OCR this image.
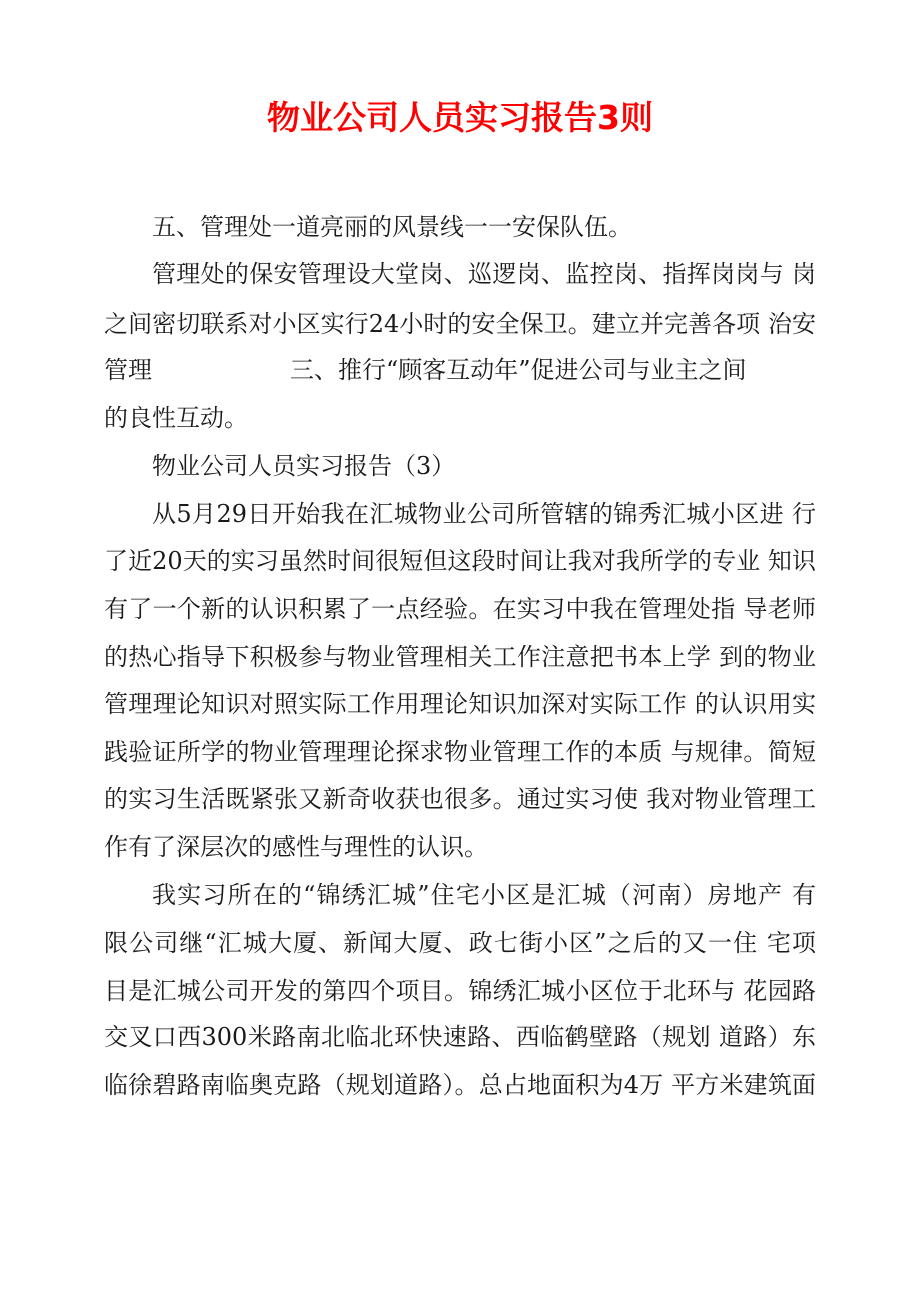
物业公司人员实习报告3则
五、管理处一道亮丽的风景线一一安保队伍。
管理处的保安管理设大堂岗、巡逻岗、监控岗、指挥岗岗与 岗
之间密切联系对小区实行24小时的安全保卫。建立并完善各项 治安
管理	三、推行“顾客互动年”促进公司与业主之间
的良性互动。
物业公司人员实习报告（3）
从5月29日开始我在汇城物业公司所管辖的锦秀汇城小区进 行
了近20天的实习虽然时间很短但这段时间让我对我所学的专业 知识
有了一个新的认识积累了一点经验。在实习中我在管理处指 导老师
的热心指导下积极参与物业管理相关工作注意把书本上学 到的物业
管理理论知识对照实际工作用理论知识加深对实际工作 的认识用实
践验证所学的物业管理理论探求物业管理工作的本质 与规律。简短
的实习生活既紧张又新奇收获也很多。通过实习使 我对物业管理工
作有了深层次的感性与理性的认识。
我实习所在的“锦绣汇城”住宅小区是汇城（河南）房地产 有
限公司继“汇城大厦、新闻大厦、政七街小区”之后的又一住 宅项
目是汇城公司开发的第四个项目。锦绣汇城小区位于北环与 花园路
交叉口西300米路南北临北环快速路、西临鹤壁路（规划 道路）东
临徐碧路南临奥克路（规划道路）。总占地面积为4万 平方米建筑面
